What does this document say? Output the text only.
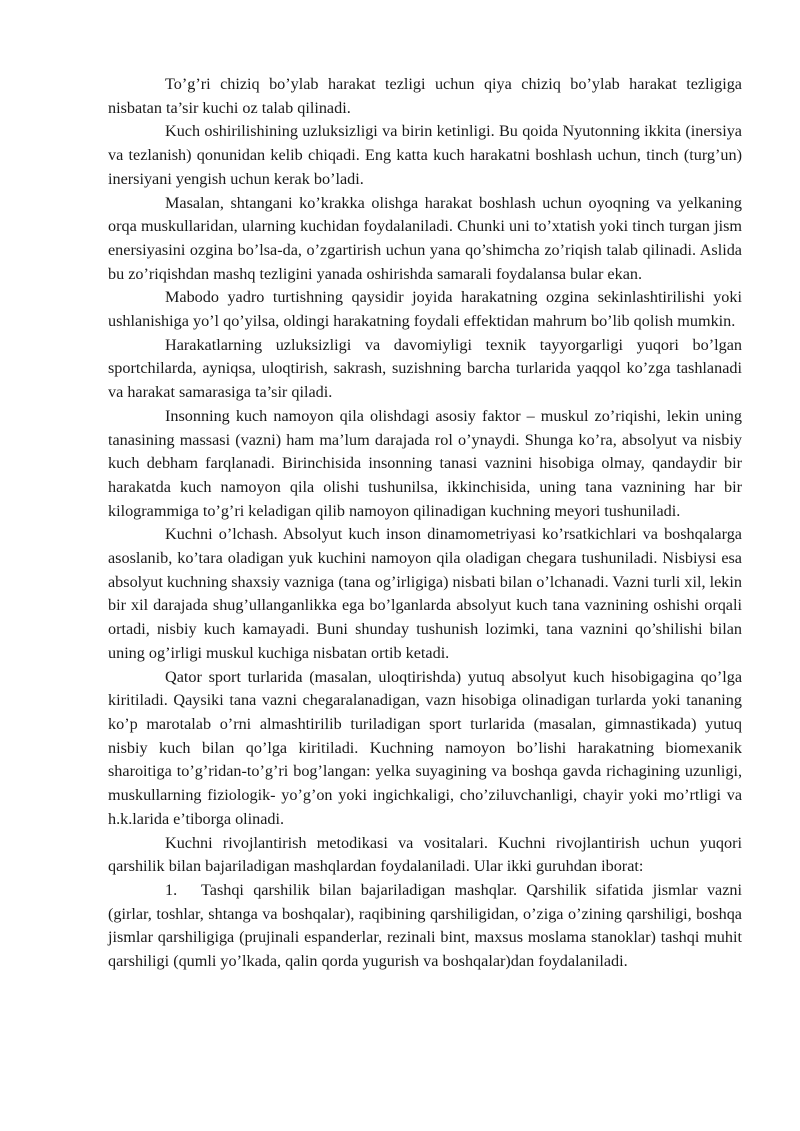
To’g’ri chiziq bo’ylab harakat tezligi uchun qiya chiziq bo’ylab harakat tezligiga nisbatan ta’sir kuchi oz talab qilinadi.

Kuch oshirilishining uzluksizligi va birin ketinligi. Bu qoida Nyutonning ikkita (inersiya va tezlanish) qonunidan kelib chiqadi. Eng katta kuch harakatni boshlash uchun, tinch (turg’un) inersiyani yengish uchun kerak bo’ladi.

Masalan, shtangani ko’krakka olishga harakat boshlash uchun oyoqning va yelkaning orqa muskullaridan, ularning kuchidan foydalaniladi. Chunki uni to’xtatish yoki tinch turgan jism enersiyasini ozgina bo’lsa-da, o’zgartirish uchun yana qo’shimcha zo’riqish talab qilinadi. Aslida bu zo’riqishdan mashq tezligini yanada oshirishda samarali foydalansa bular ekan.

Mabodo yadro turtishning qaysidir joyida harakatning ozgina sekinlashtirilishi yoki ushlanishiga yo’l qo’yilsa, oldingi harakatning foydali effektidan mahrum bo’lib qolish mumkin.

Harakatlarning uzluksizligi va davomiyligi texnik tayyorgarligi yuqori bo’lgan sportchilarda, ayniqsa, uloqtirish, sakrash, suzishning barcha turlarida yaqqol ko’zga tashlanadi va harakat samarasiga ta’sir qiladi.

Insonning kuch namoyon qila olishdagi asosiy faktor – muskul zo’riqishi, lekin uning tanasining massasi (vazni) ham ma’lum darajada rol o’ynaydi. Shunga ko’ra, absolyut va nisbiy kuch debham farqlanadi. Birinchisida insonning tanasi vaznini hisobiga olmay, qandaydir bir harakatda kuch namoyon qila olishi tushunilsa, ikkinchisida, uning tana vaznining har bir kilogrammiga to’g’ri keladigan qilib namoyon qilinadigan kuchning meyori tushuniladi.

Kuchni o’lchash. Absolyut kuch inson dinamometriyasi ko’rsatkichlari va boshqalarga asoslanib, ko’tara oladigan yuk kuchini namoyon qila oladigan chegara tushuniladi. Nisbiysi esa absolyut kuchning shaxsiy vazniga (tana og’irligiga) nisbati bilan o’lchanadi. Vazni turli xil, lekin bir xil darajada shug’ullanganlikka ega bo’lganlarda absolyut kuch tana vaznining oshishi orqali ortadi, nisbiy kuch kamayadi. Buni shunday tushunish lozimki, tana vaznini qo’shilishi bilan uning og’irligi muskul kuchiga nisbatan ortib ketadi.

Qator sport turlarida (masalan, uloqtirishda) yutuq absolyut kuch hisobigagina qo’lga kiritiladi. Qaysiki tana vazni chegaralanadigan, vazn hisobiga olinadigan turlarda yoki tananing ko’p marotalab o’rni almashtirilib turiladigan sport turlarida (masalan, gimnastikada) yutuq nisbiy kuch bilan qo’lga kiritiladi. Kuchning namoyon bo’lishi harakatning biomexanik sharoitiga to’g’ridan-to’g’ri bog’langan: yelka suyagining va boshqa gavda richagining uzunligi, muskullarning fiziologik- yo’g’on yoki ingichkaligi, cho’ziluvchanligi, chayir yoki mo’rtligi va h.k.larida e’tiborga olinadi.

Kuchni rivojlantirish metodikasi va vositalari. Kuchni rivojlantirish uchun yuqori qarshilik bilan bajariladigan mashqlardan foydalaniladi. Ular ikki guruhdan iborat:

1. Tashqi qarshilik bilan bajariladigan mashqlar. Qarshilik sifatida jismlar vazni (girlar, toshlar, shtanga va boshqalar), raqibining qarshiligidan, o’ziga o’zining qarshiligi, boshqa jismlar qarshiligiga (prujinali espanderlar, rezinali bint, maxsus moslama stanoklar) tashqi muhit qarshiligi (qumli yo’lkada, qalin qorda yugurish va boshqalar)dan foydalaniladi.
